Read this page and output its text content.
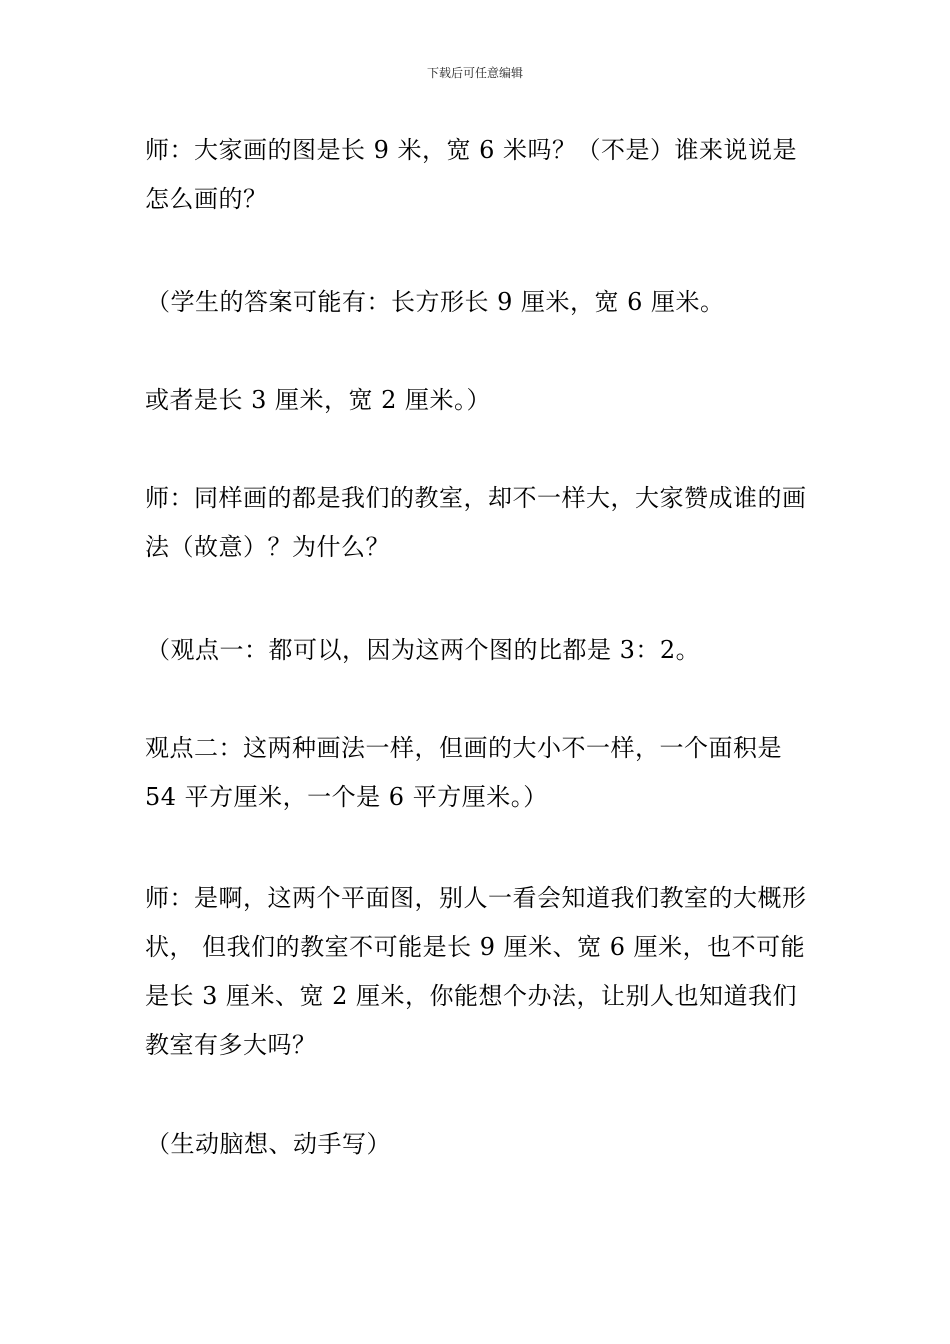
下载后可任意编辑

师：大家画的图是长 9 米，宽 6 米吗？（不是）谁来说说是怎么画的？

（学生的答案可能有：长方形长 9 厘米，宽 6 厘米。

或者是长 3 厘米，宽 2 厘米。）

师：同样画的都是我们的教室，却不一样大，大家赞成谁的画法（故意）？为什么？

（观点一：都可以，因为这两个图的比都是 3：2。

观点二：这两种画法一样，但画的大小不一样，一个面积是 54 平方厘米，一个是 6 平方厘米。）

师：是啊，这两个平面图，别人一看会知道我们教室的大概形状， 但我们的教室不可能是长 9 厘米、宽 6 厘米，也不可能是长 3 厘米、宽 2 厘米，你能想个办法，让别人也知道我们教室有多大吗？

（生动脑想、动手写）
